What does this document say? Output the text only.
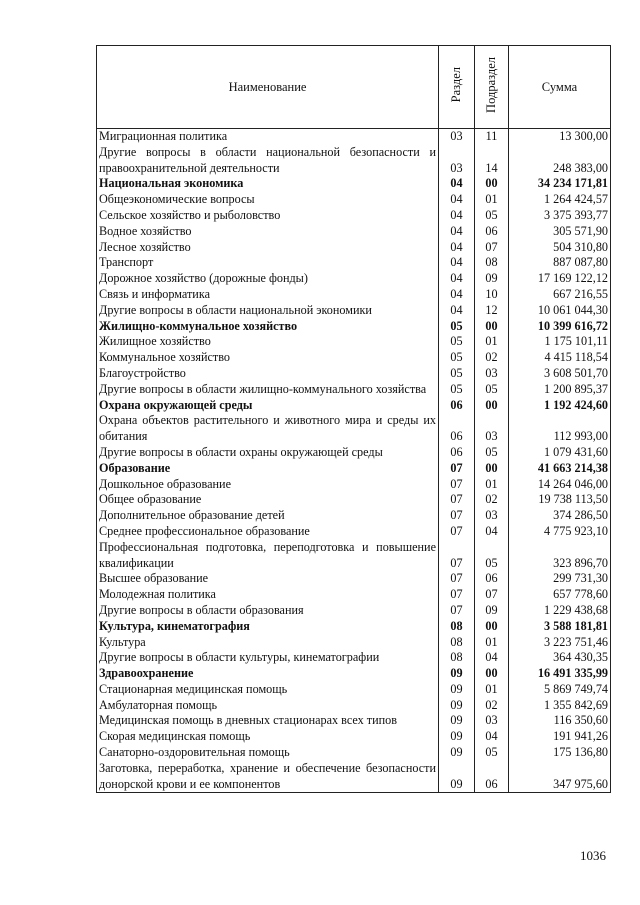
Наименование	Раздел	Подраздел	Сумма
Миграционная политика	03	11	13 300,00
Другие вопросы в области национальной безопасности и правоохранительной деятельности	03	14	248 383,00
Национальная экономика	04	00	34 234 171,81
Общеэкономические вопросы	04	01	1 264 424,57
Сельское хозяйство и рыболовство	04	05	3 375 393,77
Водное хозяйство	04	06	305 571,90
Лесное хозяйство	04	07	504 310,80
Транспорт	04	08	887 087,80
Дорожное хозяйство (дорожные фонды)	04	09	17 169 122,12
Связь и информатика	04	10	667 216,55
Другие вопросы в области национальной экономики	04	12	10 061 044,30
Жилищно-коммунальное хозяйство	05	00	10 399 616,72
Жилищное хозяйство	05	01	1 175 101,11
Коммунальное хозяйство	05	02	4 415 118,54
Благоустройство	05	03	3 608 501,70
Другие вопросы в области жилищно-коммунального хозяйства	05	05	1 200 895,37
Охрана окружающей среды	06	00	1 192 424,60
Охрана объектов растительного и животного мира и среды их обитания	06	03	112 993,00
Другие вопросы в области охраны окружающей среды	06	05	1 079 431,60
Образование	07	00	41 663 214,38
Дошкольное образование	07	01	14 264 046,00
Общее образование	07	02	19 738 113,50
Дополнительное образование детей	07	03	374 286,50
Среднее профессиональное образование	07	04	4 775 923,10
Профессиональная подготовка, переподготовка и повышение квалификации	07	05	323 896,70
Высшее образование	07	06	299 731,30
Молодежная политика	07	07	657 778,60
Другие вопросы в области образования	07	09	1 229 438,68
Культура, кинематография	08	00	3 588 181,81
Культура	08	01	3 223 751,46
Другие вопросы в области культуры, кинематографии	08	04	364 430,35
Здравоохранение	09	00	16 491 335,99
Стационарная медицинская помощь	09	01	5 869 749,74
Амбулаторная помощь	09	02	1 355 842,69
Медицинская помощь в дневных стационарах всех типов	09	03	116 350,60
Скорая медицинская помощь	09	04	191 941,26
Санаторно-оздоровительная помощь	09	05	175 136,80
Заготовка, переработка, хранение и обеспечение безопасности донорской крови и ее компонентов	09	06	347 975,60
1036
